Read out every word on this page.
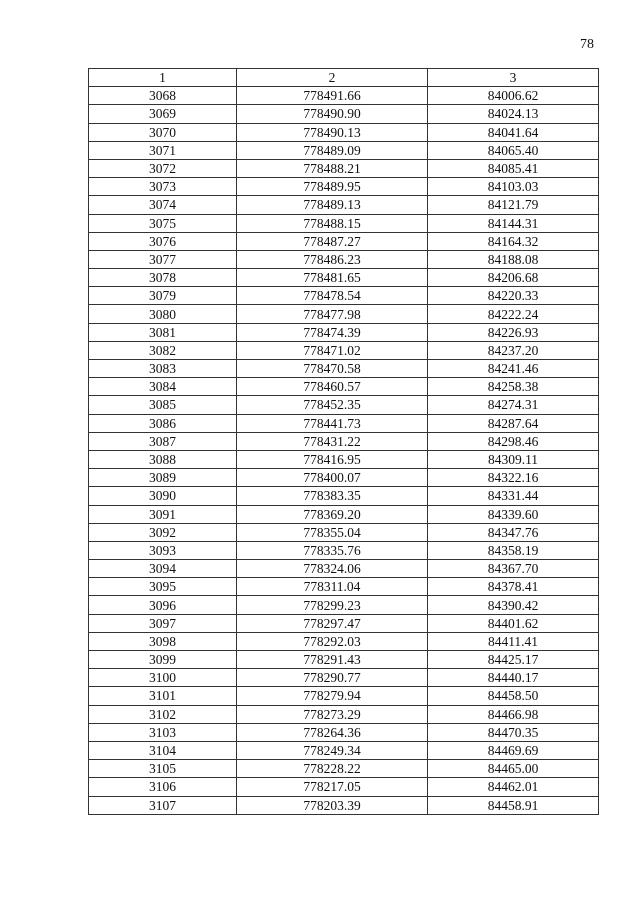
78
1	2	3
3068	778491.66	84006.62
3069	778490.90	84024.13
3070	778490.13	84041.64
3071	778489.09	84065.40
3072	778488.21	84085.41
3073	778489.95	84103.03
3074	778489.13	84121.79
3075	778488.15	84144.31
3076	778487.27	84164.32
3077	778486.23	84188.08
3078	778481.65	84206.68
3079	778478.54	84220.33
3080	778477.98	84222.24
3081	778474.39	84226.93
3082	778471.02	84237.20
3083	778470.58	84241.46
3084	778460.57	84258.38
3085	778452.35	84274.31
3086	778441.73	84287.64
3087	778431.22	84298.46
3088	778416.95	84309.11
3089	778400.07	84322.16
3090	778383.35	84331.44
3091	778369.20	84339.60
3092	778355.04	84347.76
3093	778335.76	84358.19
3094	778324.06	84367.70
3095	778311.04	84378.41
3096	778299.23	84390.42
3097	778297.47	84401.62
3098	778292.03	84411.41
3099	778291.43	84425.17
3100	778290.77	84440.17
3101	778279.94	84458.50
3102	778273.29	84466.98
3103	778264.36	84470.35
3104	778249.34	84469.69
3105	778228.22	84465.00
3106	778217.05	84462.01
3107	778203.39	84458.91
